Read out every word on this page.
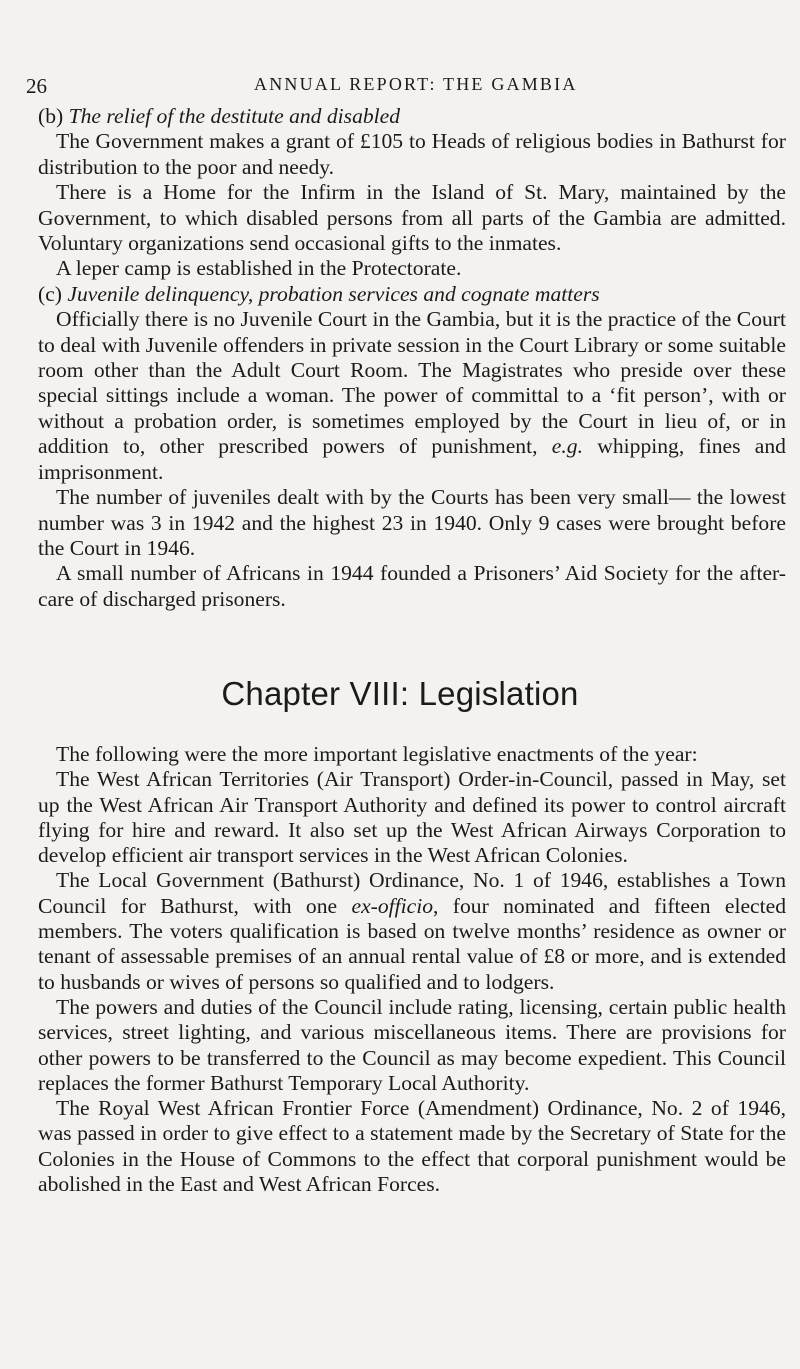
26	ANNUAL REPORT: THE GAMBIA

(b) The relief of the destitute and disabled

The Government makes a grant of £105 to Heads of religious bodies in Bathurst for distribution to the poor and needy.

There is a Home for the Infirm in the Island of St. Mary, maintained by the Government, to which disabled persons from all parts of the Gambia are admitted. Voluntary organizations send occasional gifts to the inmates.

A leper camp is established in the Protectorate.

(c) Juvenile delinquency, probation services and cognate matters

Officially there is no Juvenile Court in the Gambia, but it is the practice of the Court to deal with Juvenile offenders in private session in the Court Library or some suitable room other than the Adult Court Room. The Magistrates who preside over these special sittings include a woman. The power of committal to a ‘fit person’, with or without a probation order, is sometimes employed by the Court in lieu of, or in addition to, other prescribed powers of punishment, e.g. whipping, fines and imprisonment.

The number of juveniles dealt with by the Courts has been very small— the lowest number was 3 in 1942 and the highest 23 in 1940. Only 9 cases were brought before the Court in 1946.

A small number of Africans in 1944 founded a Prisoners’ Aid Society for the after-care of discharged prisoners.

Chapter VIII: Legislation

The following were the more important legislative enactments of the year:

The West African Territories (Air Transport) Order-in-Council, passed in May, set up the West African Air Transport Authority and defined its power to control aircraft flying for hire and reward. It also set up the West African Airways Corporation to develop efficient air transport services in the West African Colonies.

The Local Government (Bathurst) Ordinance, No. 1 of 1946, establishes a Town Council for Bathurst, with one ex-officio, four nominated and fifteen elected members. The voters qualification is based on twelve months’ residence as owner or tenant of assessable premises of an annual rental value of £8 or more, and is extended to husbands or wives of persons so qualified and to lodgers.

The powers and duties of the Council include rating, licensing, certain public health services, street lighting, and various miscellaneous items. There are provisions for other powers to be transferred to the Council as may become expedient. This Council replaces the former Bathurst Temporary Local Authority.

The Royal West African Frontier Force (Amendment) Ordinance, No. 2 of 1946, was passed in order to give effect to a statement made by the Secretary of State for the Colonies in the House of Commons to the effect that corporal punishment would be abolished in the East and West African Forces.
